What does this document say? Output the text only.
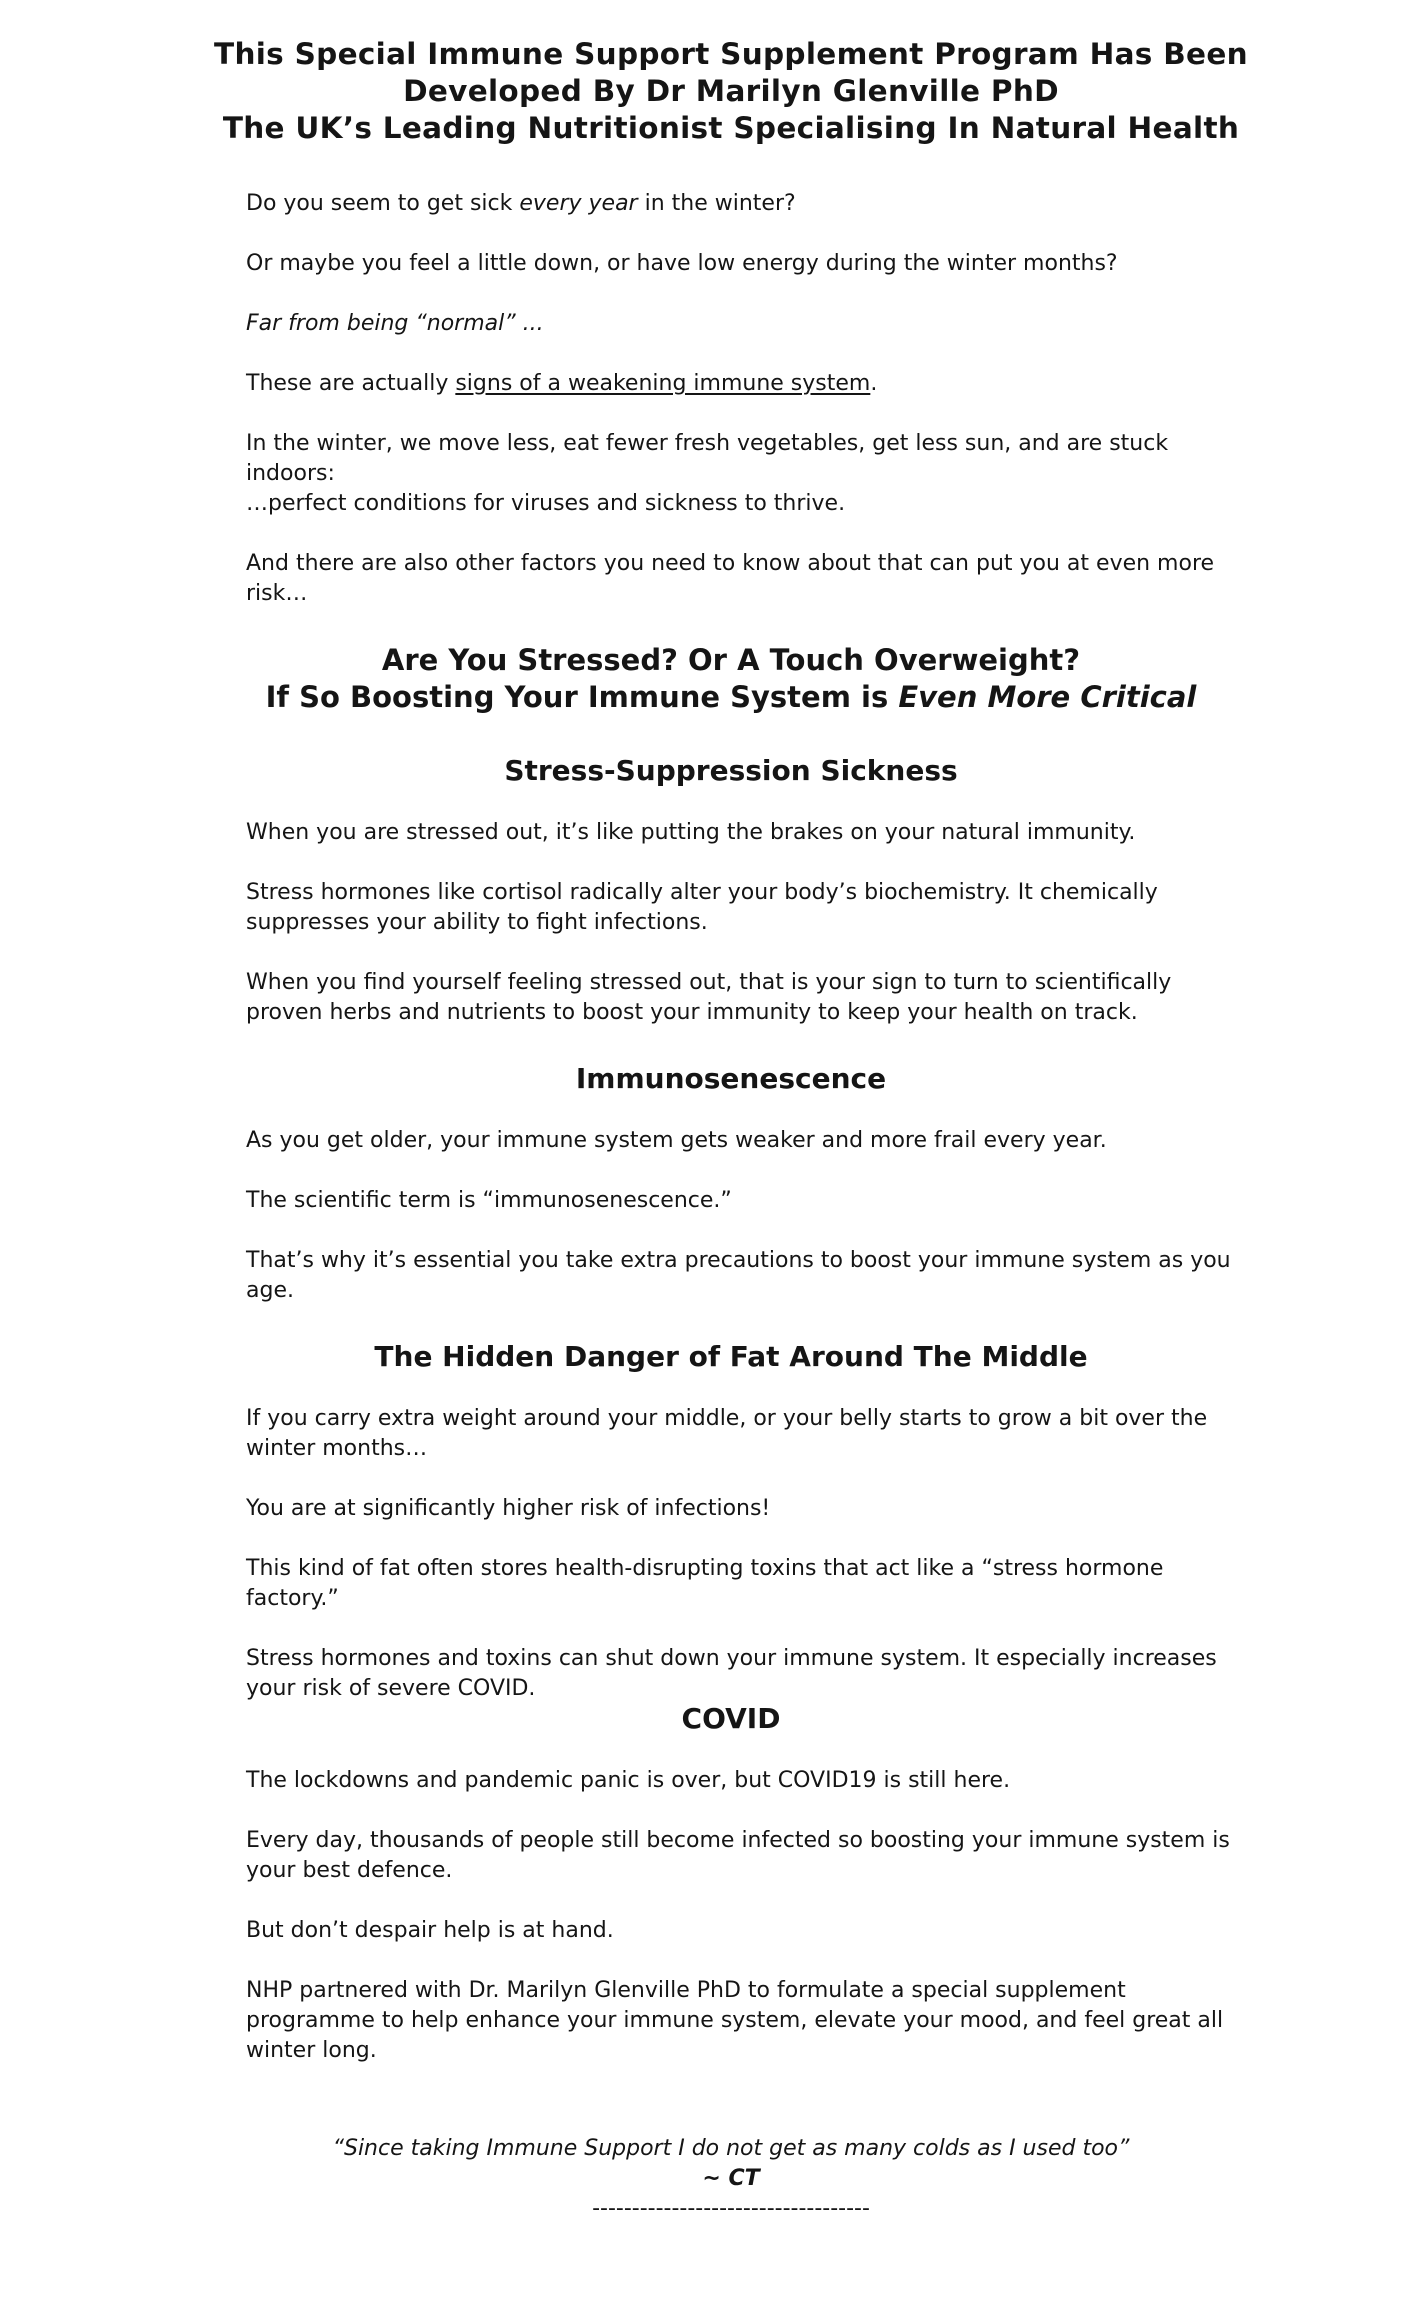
This Special Immune Support Supplement Program Has Been
Developed By Dr Marilyn Glenville PhD
The UK’s Leading Nutritionist Specialising In Natural Health

Do you seem to get sick every year in the winter?

Or maybe you feel a little down, or have low energy during the winter months?

Far from being “normal” ...

These are actually signs of a weakening immune system.

In the winter, we move less, eat fewer fresh vegetables, get less sun, and are stuck indoors:
…perfect conditions for viruses and sickness to thrive.

And there are also other factors you need to know about that can put you at even more risk…

Are You Stressed? Or A Touch Overweight?
If So Boosting Your Immune System is Even More Critical
Stress-Suppression Sickness

When you are stressed out, it’s like putting the brakes on your natural immunity.

Stress hormones like cortisol radically alter your body’s biochemistry. It chemically suppresses your ability to fight infections.

When you find yourself feeling stressed out, that is your sign to turn to scientifically proven herbs and nutrients to boost your immunity to keep your health on track.

Immunosenescence

As you get older, your immune system gets weaker and more frail every year.

The scientific term is “immunosenescence.”

That’s why it’s essential you take extra precautions to boost your immune system as you age.

The Hidden Danger of Fat Around The Middle

If you carry extra weight around your middle, or your belly starts to grow a bit over the winter months…

You are at significantly higher risk of infections!

This kind of fat often stores health-disrupting toxins that act like a “stress hormone factory.”

Stress hormones and toxins can shut down your immune system. It especially increases your risk of severe COVID.

COVID

The lockdowns and pandemic panic is over, but COVID19 is still here.

Every day, thousands of people still become infected so boosting your immune system is your best defence.

But don’t despair help is at hand.

NHP partnered with Dr. Marilyn Glenville PhD to formulate a special supplement programme to help enhance your immune system, elevate your mood, and feel great all winter long.

“Since taking Immune Support I do not get as many colds as I used too”
~ CT
-----------------------------------
